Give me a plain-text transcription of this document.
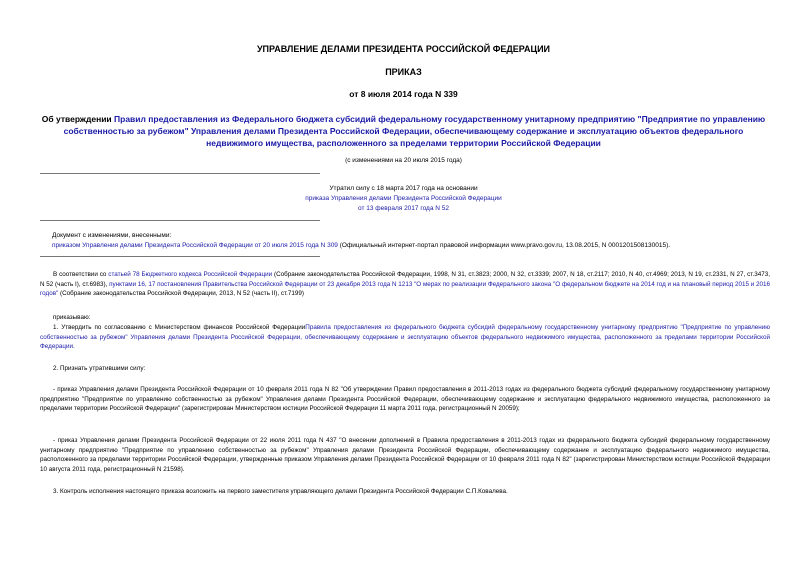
УПРАВЛЕНИЕ ДЕЛАМИ ПРЕЗИДЕНТА РОССИЙСКОЙ ФЕДЕРАЦИИ
ПРИКАЗ
от 8 июля 2014 года N 339
Об утверждении Правил предоставления из Федерального бюджета субсидий федеральному государственному унитарному предприятию "Предприятие по управлению собственностью за рубежом" Управления делами Президента Российской Федерации, обеспечивающему содержание и эксплуатацию объектов федерального недвижимого имущества, расположенного за пределами территории Российской Федерации
(с изменениями на 20 июля 2015 года)
Утратил силу с 18 марта 2017 года на основании
приказа Управления делами Президента Российской Федерации
от 13 февраля 2017 года N 52
Документ с изменениями, внесенными:
приказом Управления делами Президента Российской Федерации от 20 июля 2015 года N 309 (Официальный интернет-портал правовой информации www.pravo.gov.ru, 13.08.2015, N 0001201508130015).
В соответствии со статьей 78 Бюджетного кодекса Российской Федерации (Собрание законодательства Российской Федерации, 1998, N 31, ст.3823; 2000, N 32, ст.3339; 2007, N 18, ст.2117; 2010, N 40, ст.4969; 2013, N 19, ст.2331, N 27, ст.3473, N 52 (часть I), ст.6983), пунктами 16, 17 постановления Правительства Российской Федерации от 23 декабря 2013 года N 1213 "О мерах по реализации Федерального закона "О федеральном бюджете на 2014 год и на плановый период 2015 и 2016 годов" (Собрание законодательства Российской Федерации, 2013, N 52 (часть II), ст.7199)
приказываю:
1. Утвердить по согласованию с Министерством финансов Российской ФедерацииПравила предоставления из федерального бюджета субсидий федеральному государственному унитарному предприятию "Предприятие по управлению собственностью за рубежом" Управления делами Президента Российской Федерации, обеспечивающему содержание и эксплуатацию объектов федерального недвижимого имущества, расположенного за пределами территории Российской Федерации.
2. Признать утратившими силу:
- приказ Управления делами Президента Российской Федерации от 10 февраля 2011 года N 82 "Об утверждении Правил предоставления в 2011-2013 годах из федерального бюджета субсидий федеральному государственному унитарному предприятию "Предприятие по управлению собственностью за рубежом" Управления делами Президента Российской Федерации, обеспечивающему содержание и эксплуатацию федерального недвижимого имущества, расположенного за пределами территории Российской Федерации" (зарегистрирован Министерством юстиции Российской Федерации 11 марта 2011 года, регистрационный N 20059);
- приказ Управления делами Президента Российской Федерации от 22 июля 2011 года N 437 "О внесении дополнений в Правила предоставления в 2011-2013 годах из федерального бюджета субсидий федеральному государственному унитарному предприятию "Предприятие по управлению собственностью за рубежом" Управления делами Президента Российской Федерации, обеспечивающему содержание и эксплуатацию федерального недвижимого имущества, расположенного за пределами территории Российской Федерации, утвержденные приказом Управления делами Президента Российской Федерации от 10 февраля 2011 года N 82" (зарегистрирован Министерством юстиции Российской Федерации 10 августа 2011 года, регистрационный N 21598).
3. Контроль исполнения настоящего приказа возложить на первого заместителя управляющего делами Президента Российской Федерации С.П.Ковалева.
